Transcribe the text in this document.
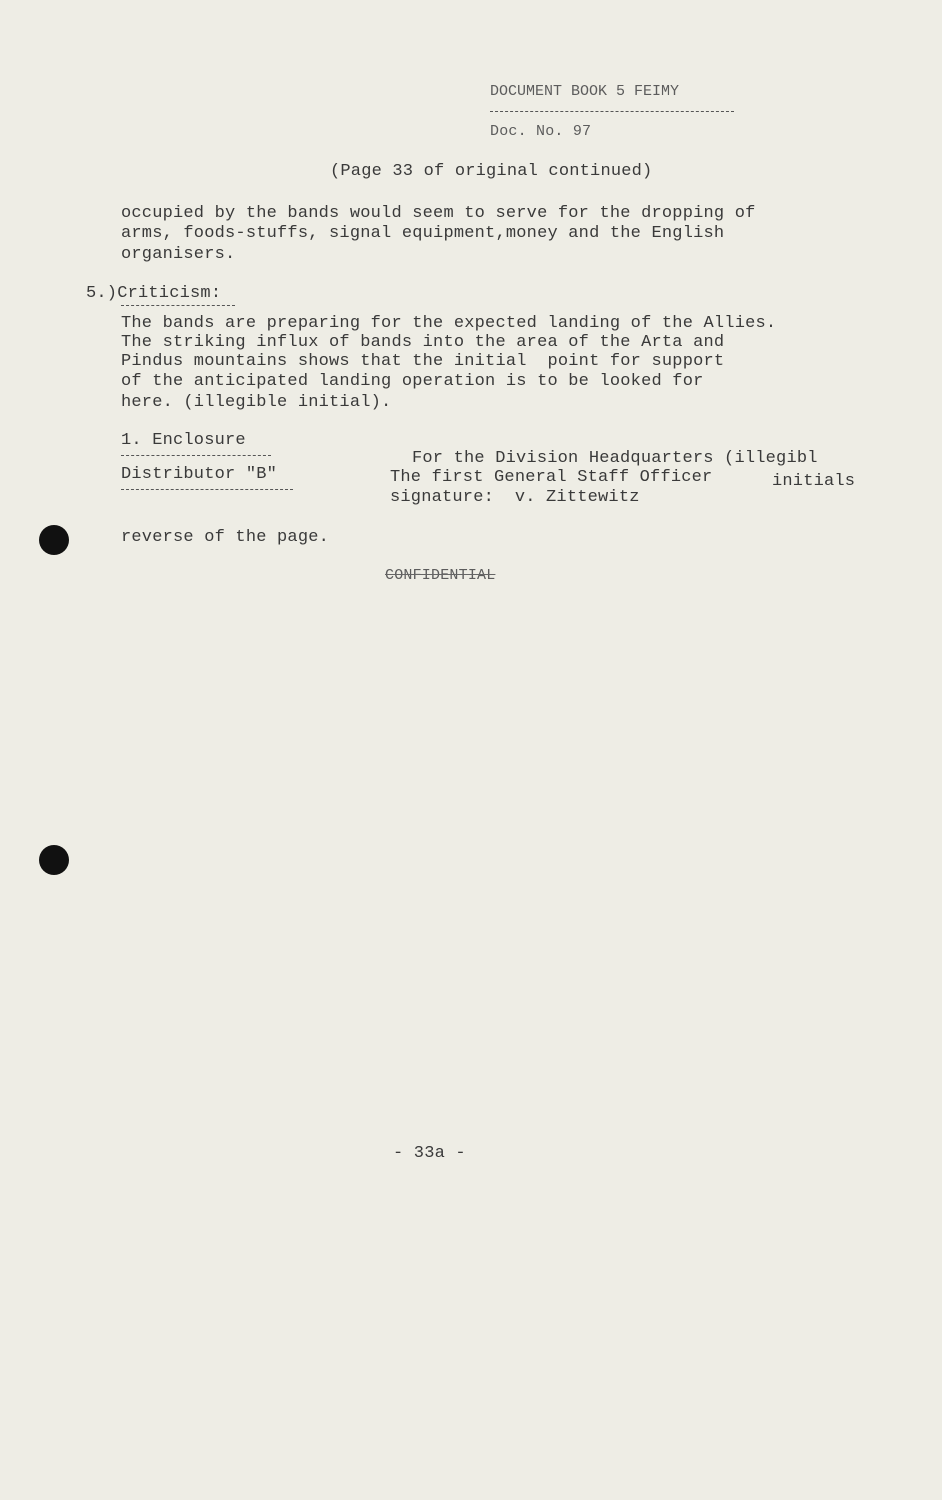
DOCUMENT BOOK 5 FEIMY
Doc. No. 97
(Page 33 of original continued)
occupied by the bands would seem to serve for the dropping of
arms, foods-stuffs, signal equipment,money and the English
organisers.
5.)Criticism:
The bands are preparing for the expected landing of the Allies.
The striking influx of bands into the area of the Arta and
Pindus mountains shows that the initial  point for support
of the anticipated landing operation is to be looked for
here. (illegible initial).
1. Enclosure
Distributor "B"
For the Division Headquarters (illegibl
The first General Staff Officer	initials
signature:  v. Zittewitz
reverse of the page.
CONFIDENTIAL
- 33a -
